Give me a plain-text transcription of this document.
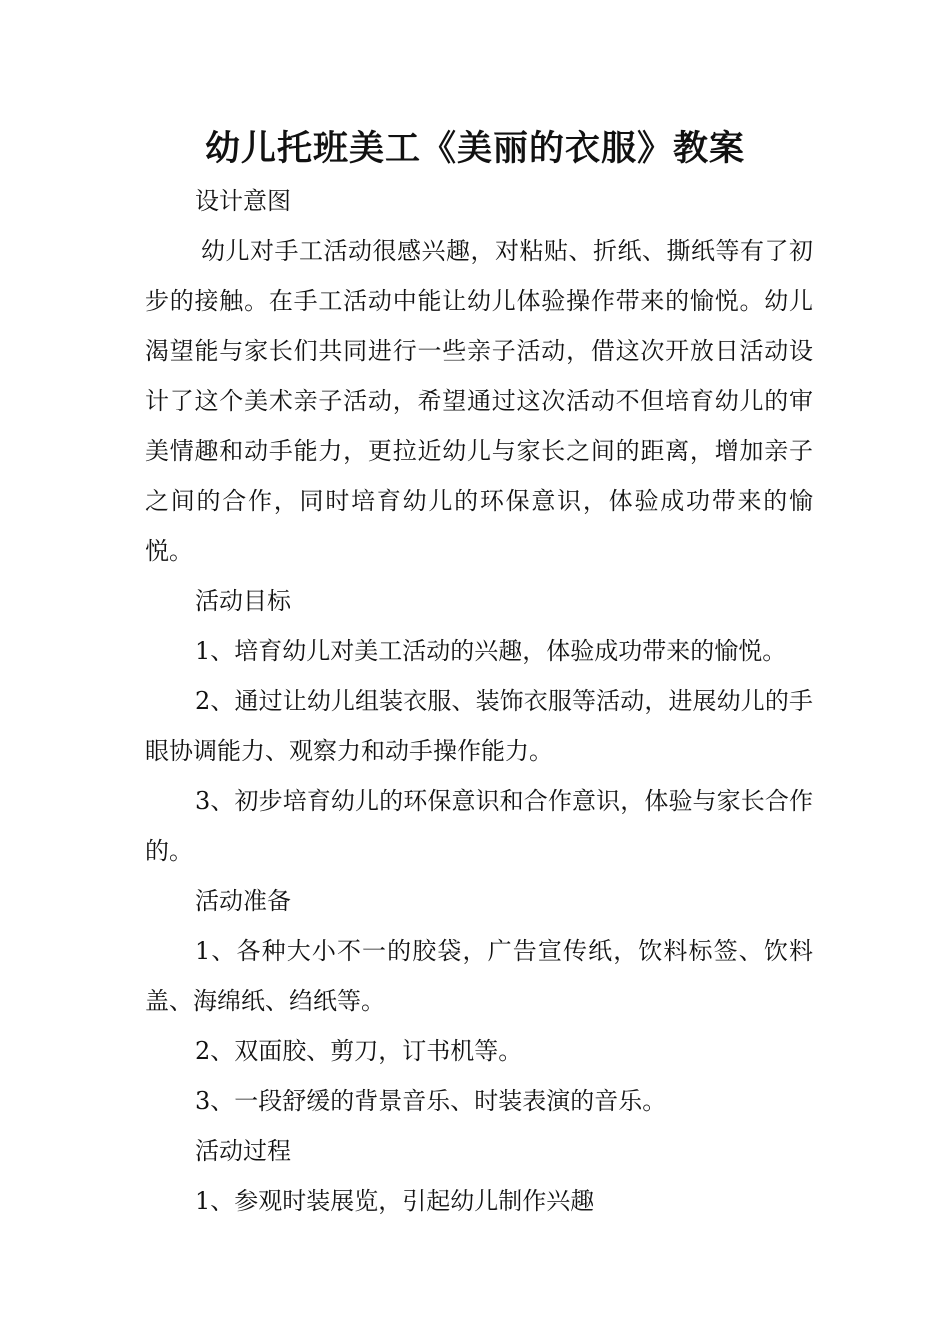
幼儿托班美工《美丽的衣服》教案

设计意图

幼儿对手工活动很感兴趣，对粘贴、折纸、撕纸等有了初步的接触。在手工活动中能让幼儿体验操作带来的愉悦。幼儿渴望能与家长们共同进行一些亲子活动，借这次开放日活动设计了这个美术亲子活动，希望通过这次活动不但培育幼儿的审美情趣和动手能力，更拉近幼儿与家长之间的距离，增加亲子之间的合作，同时培育幼儿的环保意识，体验成功带来的愉悦。

活动目标

1、培育幼儿对美工活动的兴趣，体验成功带来的愉悦。

2、通过让幼儿组装衣服、装饰衣服等活动，进展幼儿的手眼协调能力、观察力和动手操作能力。

3、初步培育幼儿的环保意识和合作意识，体验与家长合作的。

活动准备

1、各种大小不一的胶袋，广告宣传纸，饮料标签、饮料盖、海绵纸、绉纸等。

2、双面胶、剪刀，订书机等。

3、一段舒缓的背景音乐、时装表演的音乐。

活动过程

1、参观时装展览，引起幼儿制作兴趣
